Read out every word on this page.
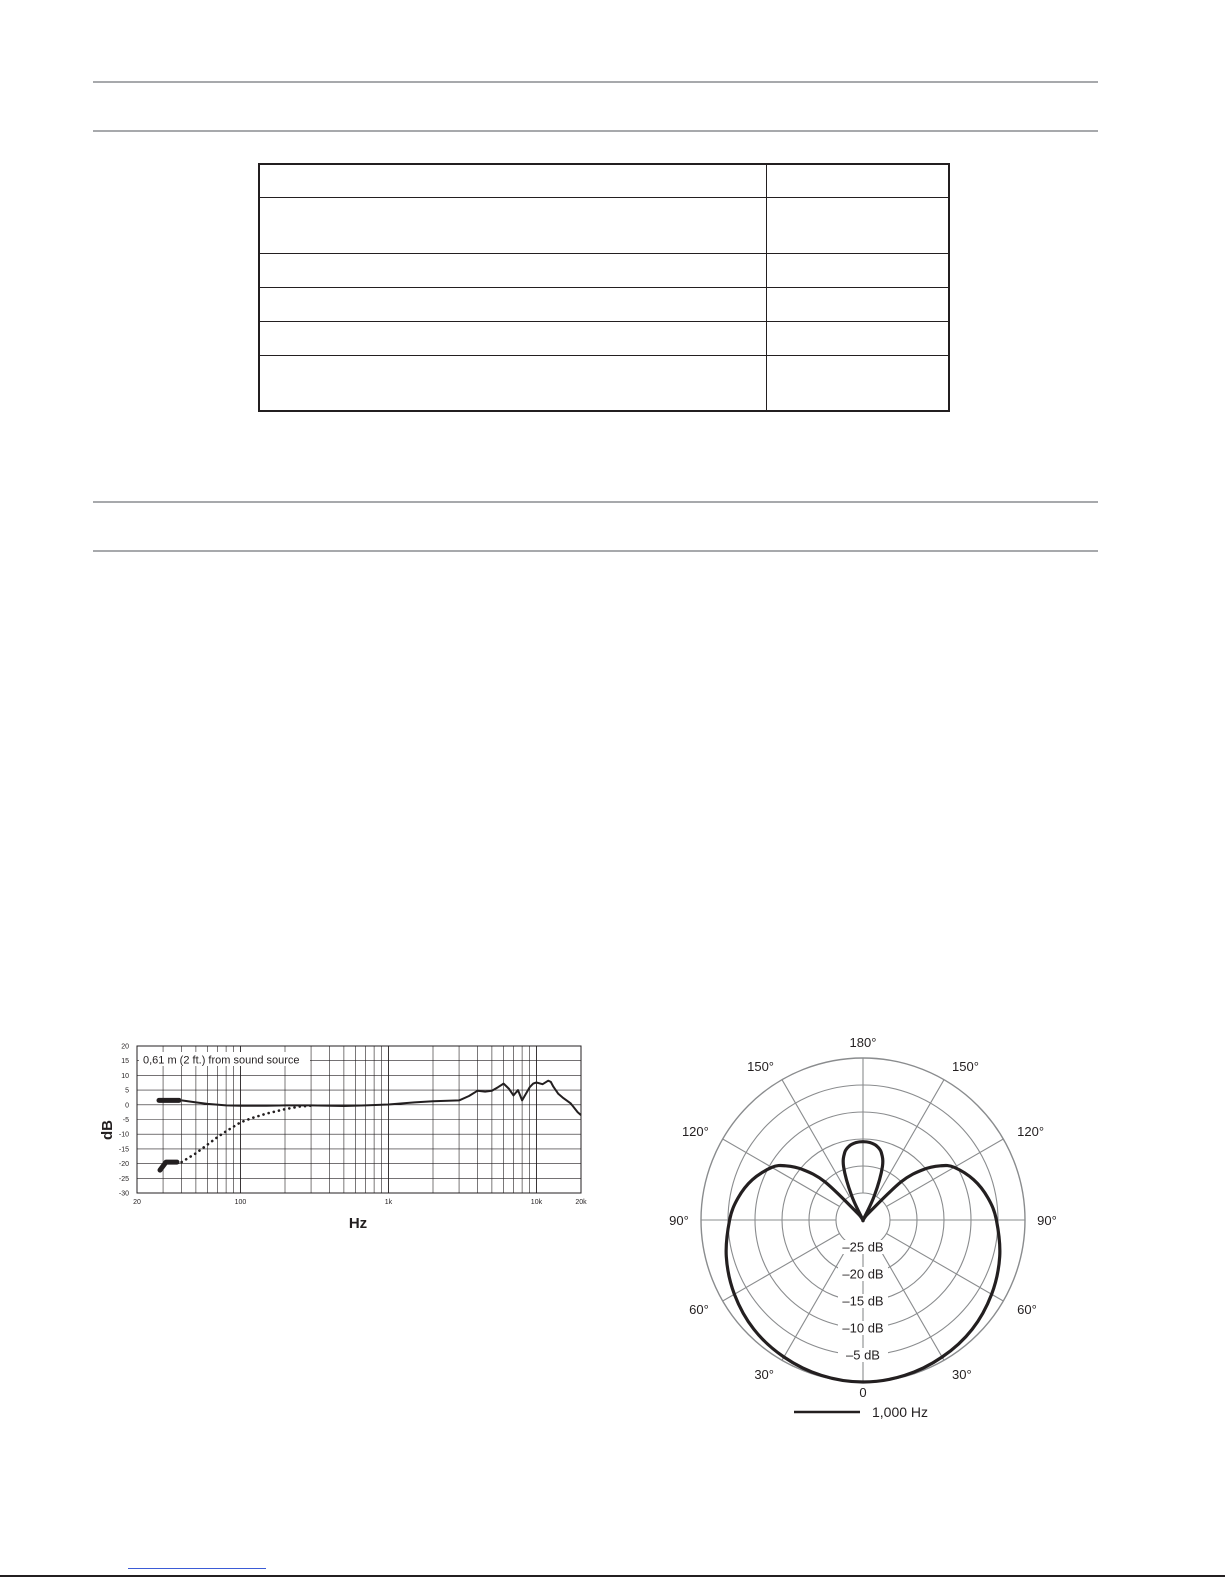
20
15
10
5
0
-5
-10
-15
-20
-25
-30
20	100	1k	10k	20k
0,61 m (2 ft.) from sound source
dB
Hz
0
30°	30°
60°	60°
90°	90°
120°	120°
150°	150°
180°
–25 dB
–20 dB
–15 dB
–10 dB
–5 dB
1,000 Hz
